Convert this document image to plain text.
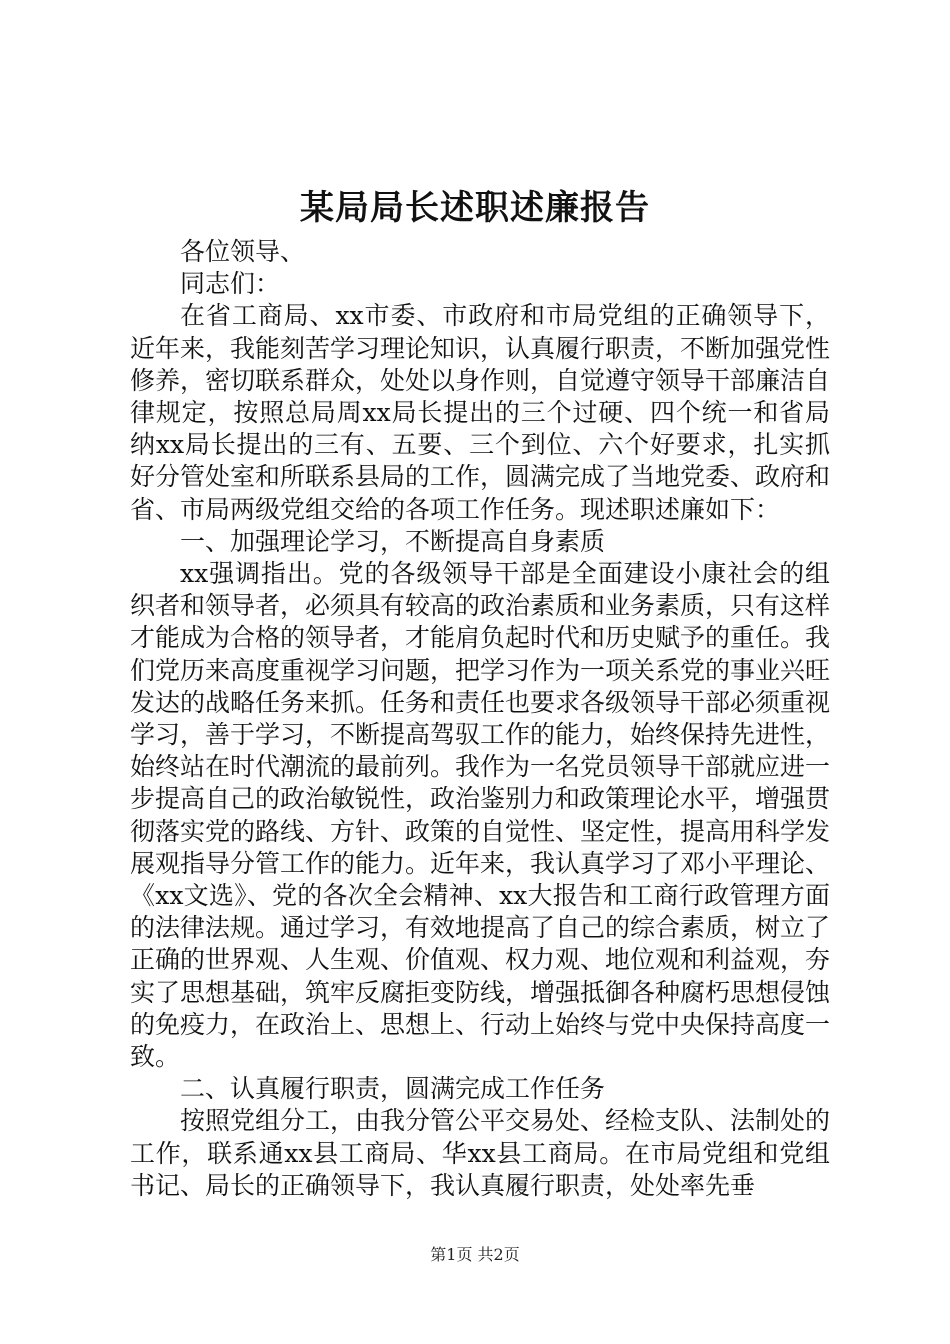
某局局长述职述廉报告

各位领导、

同志们：

在省工商局、xx市委、市政府和市局党组的正确领导下，近年来，我能刻苦学习理论知识，认真履行职责，不断加强党性修养，密切联系群众，处处以身作则，自觉遵守领导干部廉洁自律规定，按照总局周xx局长提出的三个过硬、四个统一和省局纳xx局长提出的三有、五要、三个到位、六个好要求，扎实抓好分管处室和所联系县局的工作，圆满完成了当地党委、政府和省、市局两级党组交给的各项工作任务。现述职述廉如下：

一、加强理论学习，不断提高自身素质

xx强调指出。党的各级领导干部是全面建设小康社会的组织者和领导者，必须具有较高的政治素质和业务素质，只有这样才能成为合格的领导者，才能肩负起时代和历史赋予的重任。我们党历来高度重视学习问题，把学习作为一项关系党的事业兴旺发达的战略任务来抓。任务和责任也要求各级领导干部必须重视学习，善于学习，不断提高驾驭工作的能力，始终保持先进性，始终站在时代潮流的最前列。我作为一名党员领导干部就应进一步提高自己的政治敏锐性，政治鉴别力和政策理论水平，增强贯彻落实党的路线、方针、政策的自觉性、坚定性，提高用科学发展观指导分管工作的能力。近年来，我认真学习了邓小平理论、《xx文选》、党的各次全会精神、xx大报告和工商行政管理方面的法律法规。通过学习，有效地提高了自己的综合素质，树立了正确的世界观、人生观、价值观、权力观、地位观和利益观，夯实了思想基础，筑牢反腐拒变防线，增强抵御各种腐朽思想侵蚀的免疫力，在政治上、思想上、行动上始终与党中央保持高度一致。

二、认真履行职责，圆满完成工作任务

按照党组分工，由我分管公平交易处、经检支队、法制处的工作，联系通xx县工商局、华xx县工商局。在市局党组和党组书记、局长的正确领导下，我认真履行职责，处处率先垂

第1页 共2页
